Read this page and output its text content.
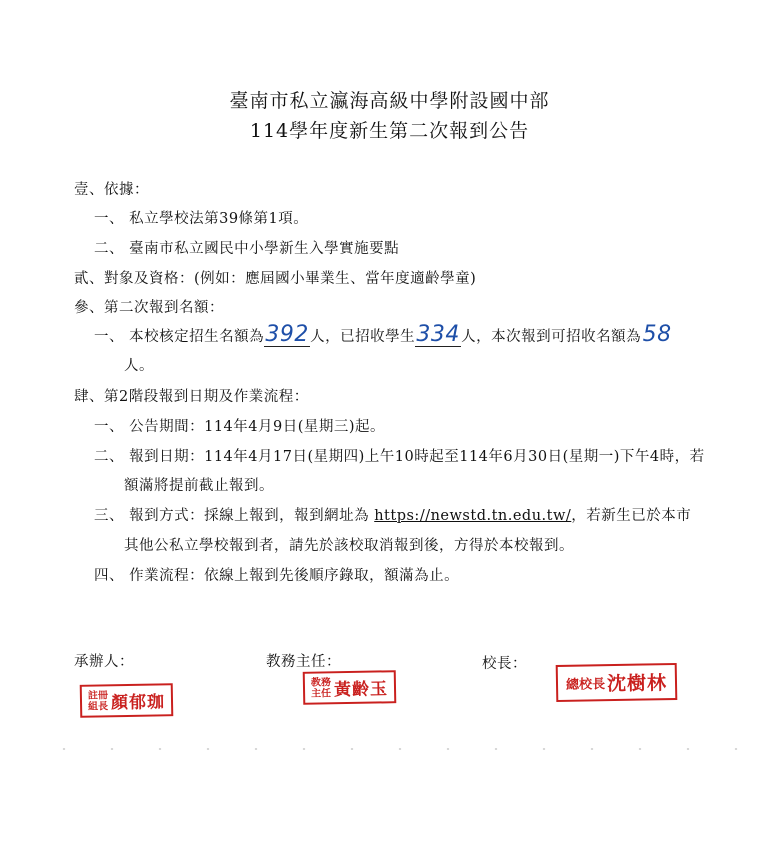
臺南市私立瀛海高級中學附設國中部
114學年度新生第二次報到公告
壹、依據：
一、 私立學校法第39條第1項。
二、 臺南市私立國民中小學新生入學實施要點
貳、對象及資格：(例如：應屆國小畢業生、當年度適齡學童)
參、第二次報到名額：
一、 本校核定招生名額為392人，已招收學生334人，本次報到可招收名額為58
人。
肆、第2階段報到日期及作業流程：
一、 公告期間：114年4月9日(星期三)起。
二、 報到日期：114年4月17日(星期四)上午10時起至114年6月30日(星期一)下午4時，若
額滿將提前截止報到。
三、 報到方式：採線上報到，報到網址為 https://newstd.tn.edu.tw/，若新生已於本市
其他公私立學校報到者，請先於該校取消報到後，方得於本校報到。
四、 作業流程：依線上報到先後順序錄取，額滿為止。
承辦人：	教務主任：	校長：
註冊
組長 顏郁珈
教務
主任 黃齡玉	總校長 沈樹林
